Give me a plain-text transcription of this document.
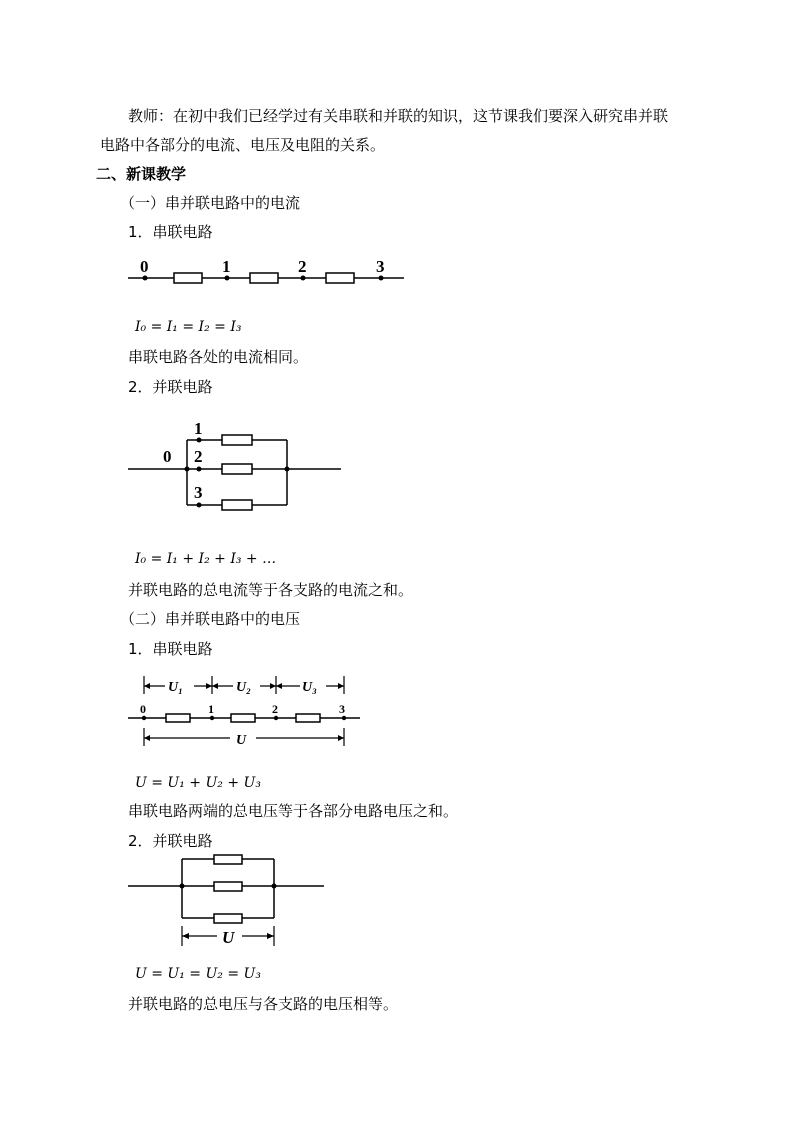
教师：在初中我们已经学过有关串联和并联的知识，这节课我们要深入研究串并联
电路中各部分的电流、电压及电阻的关系。
二、新课教学
（一）串并联电路中的电流
1．串联电路
I₀ = I₁ = I₂ = I₃
串联电路各处的电流相同。
2．并联电路
I₀ = I₁ + I₂ + I₃ + …
并联电路的总电流等于各支路的电流之和。
（二）串并联电路中的电压
1．串联电路
U = U₁ + U₂ + U₃
串联电路两端的总电压等于各部分电路电压之和。
2．并联电路
U = U₁ = U₂ = U₃
并联电路的总电压与各支路的电压相等。
0	1	2	3
0
1
2
3
0	1	2	3
U₁	U₂	U₃
U
U
